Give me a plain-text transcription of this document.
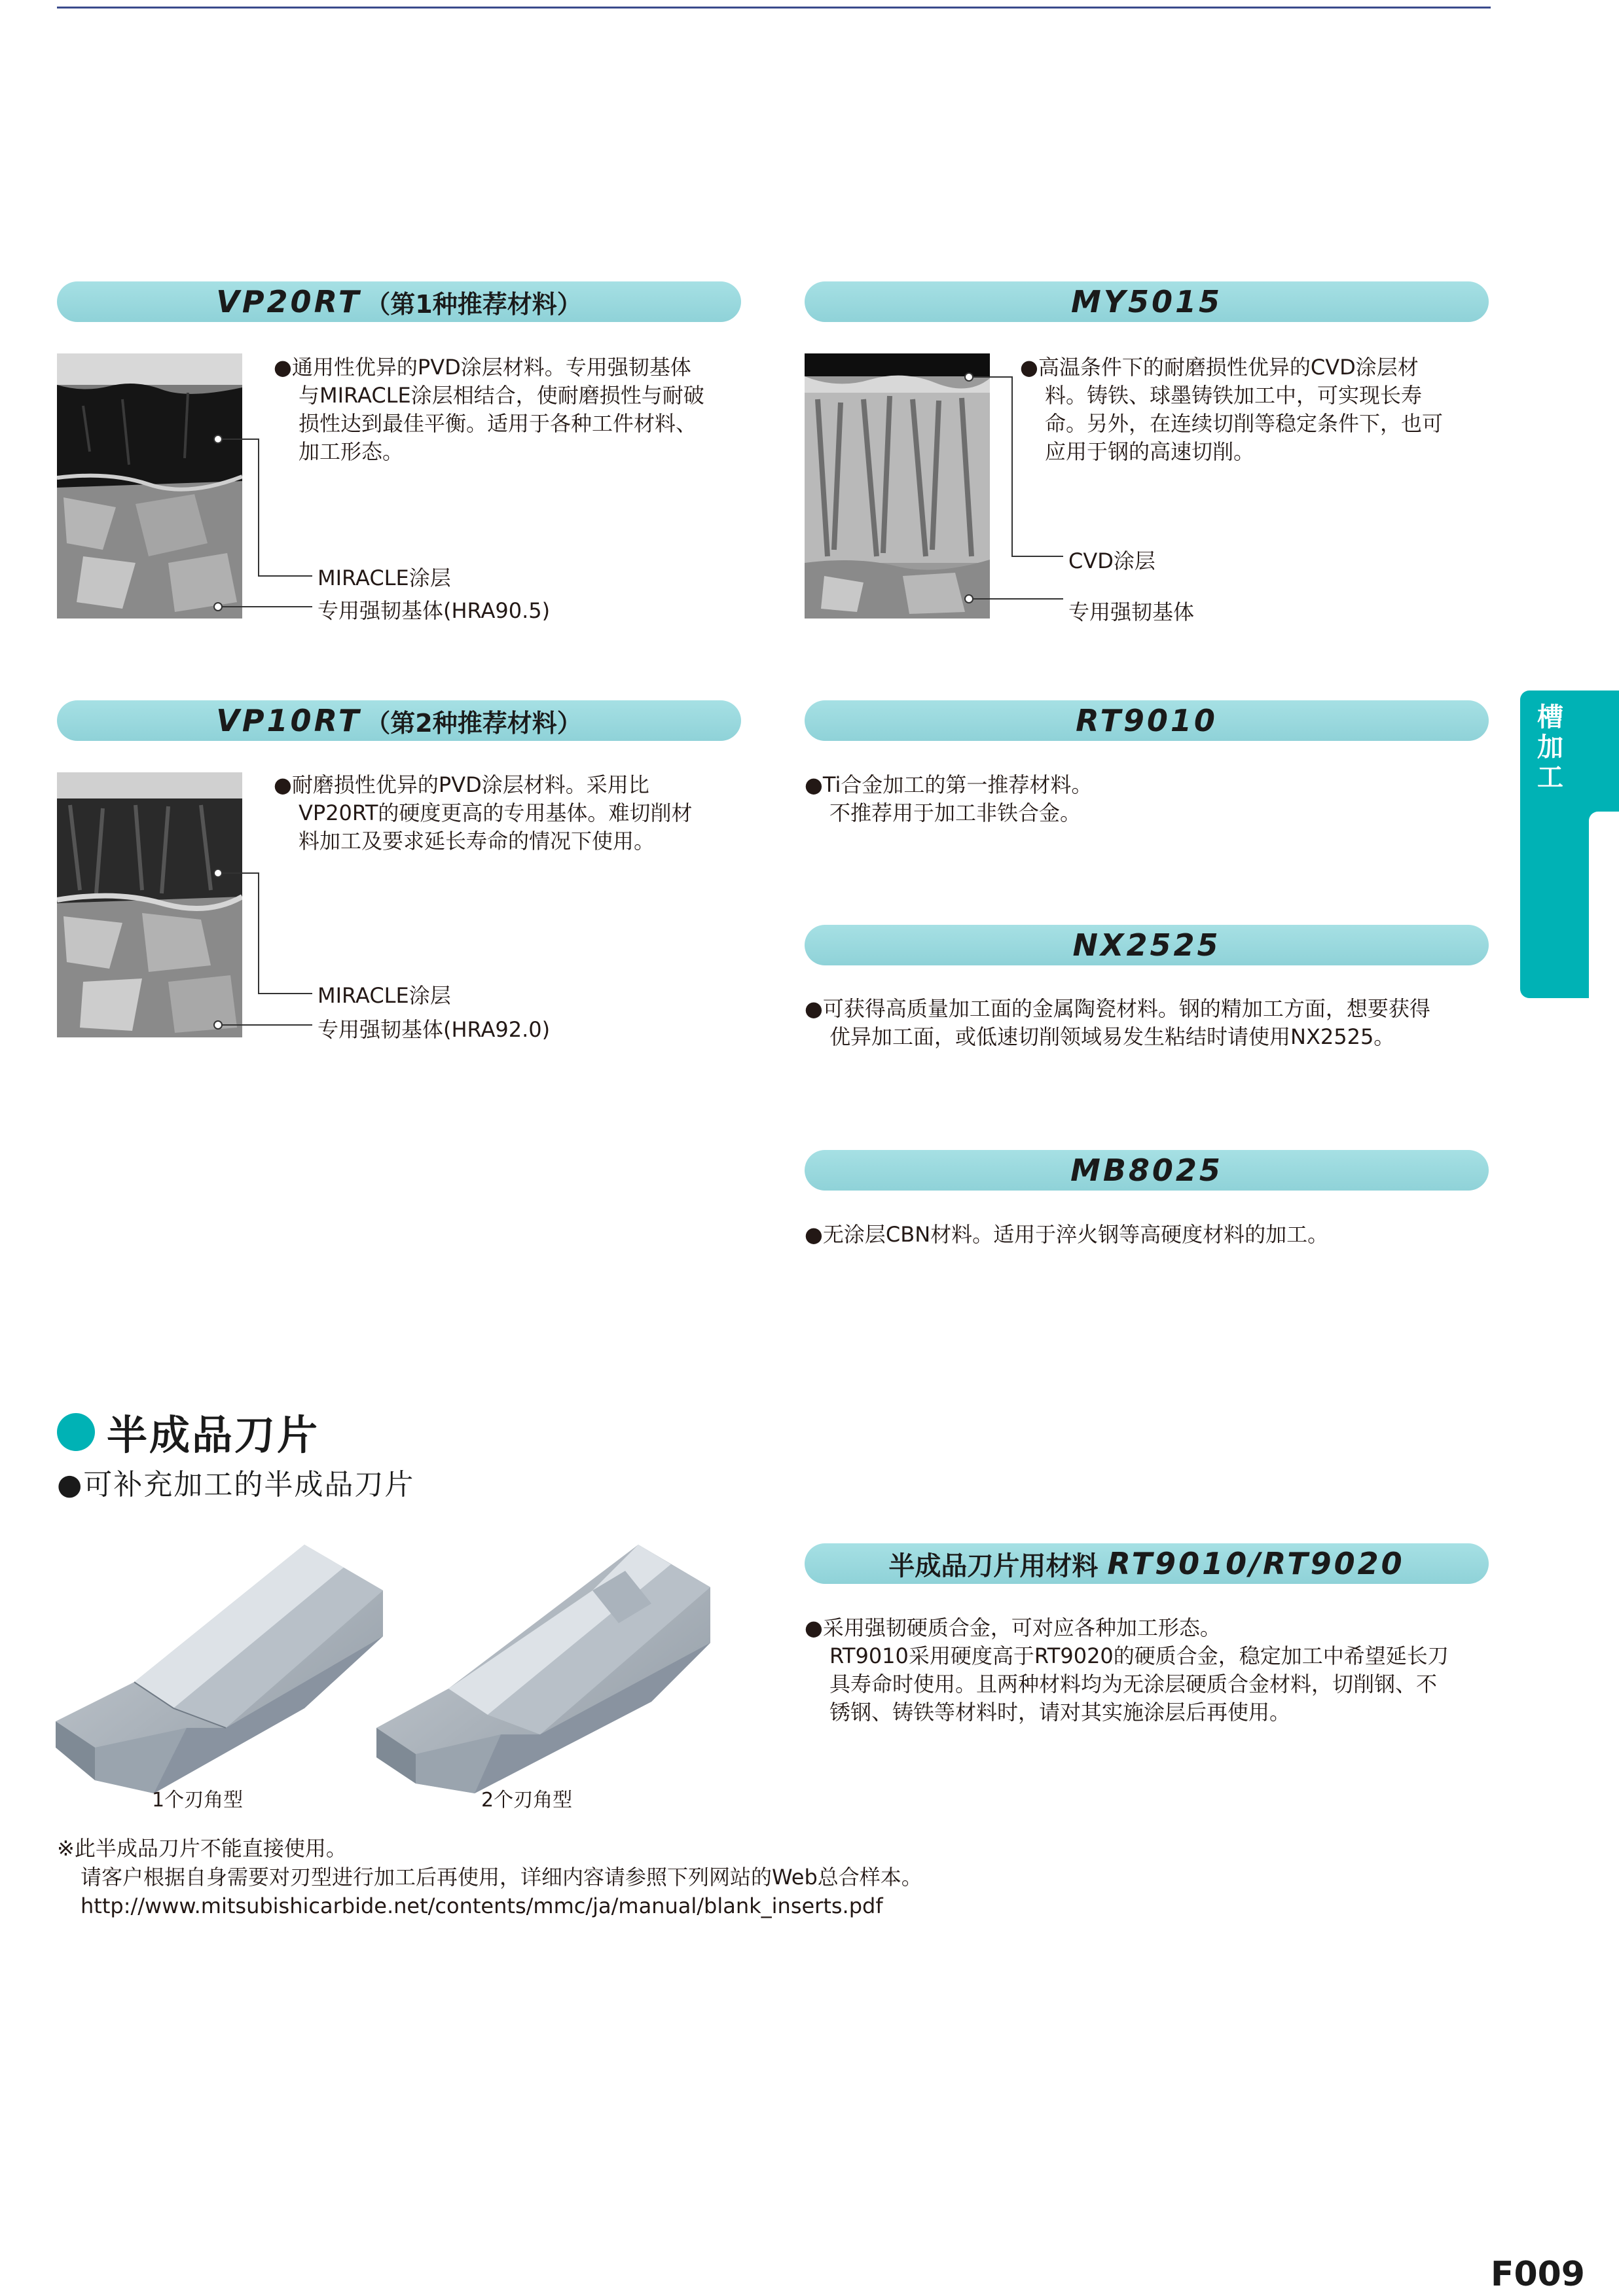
VP20RT （第1种推荐材料）
MIRACLE涂层
专用强韧基体(HRA90.5)
●通用性优异的PVD涂层材料。专用强韧基体
与MIRACLE涂层相结合，使耐磨损性与耐破
损性达到最佳平衡。适用于各种工件材料、
加工形态。
MY5015
CVD涂层
专用强韧基体
●高温条件下的耐磨损性优异的CVD涂层材
料。铸铁、球墨铸铁加工中，可实现长寿
命。另外，在连续切削等稳定条件下，也可
应用于钢的高速切削。
VP10RT （第2种推荐材料）
MIRACLE涂层
专用强韧基体(HRA92.0)
●耐磨损性优异的PVD涂层材料。采用比
VP20RT的硬度更高的专用基体。难切削材
料加工及要求延长寿命的情况下使用。
RT9010
●Ti合金加工的第一推荐材料。
不推荐用于加工非铁合金。
NX2525
●可获得高质量加工面的金属陶瓷材料。钢的精加工方面，想要获得
优异加工面，或低速切削领域易发生粘结时请使用NX2525。
MB8025
●无涂层CBN材料。适用于淬火钢等高硬度材料的加工。
槽
加
工
半成品刀片
●可补充加工的半成品刀片
1个刃角型	2个刃角型
半成品刀片用材料 RT9010/RT9020
●采用强韧硬质合金，可对应各种加工形态。
RT9010采用硬度高于RT9020的硬质合金，稳定加工中希望延长刀
具寿命时使用。且两种材料均为无涂层硬质合金材料，切削钢、不
锈钢、铸铁等材料时，请对其实施涂层后再使用。
※此半成品刀片不能直接使用。
请客户根据自身需要对刃型进行加工后再使用，详细内容请参照下列网站的Web总合样本。
http://www.mitsubishicarbide.net/contents/mmc/ja/manual/blank_inserts.pdf
F009
